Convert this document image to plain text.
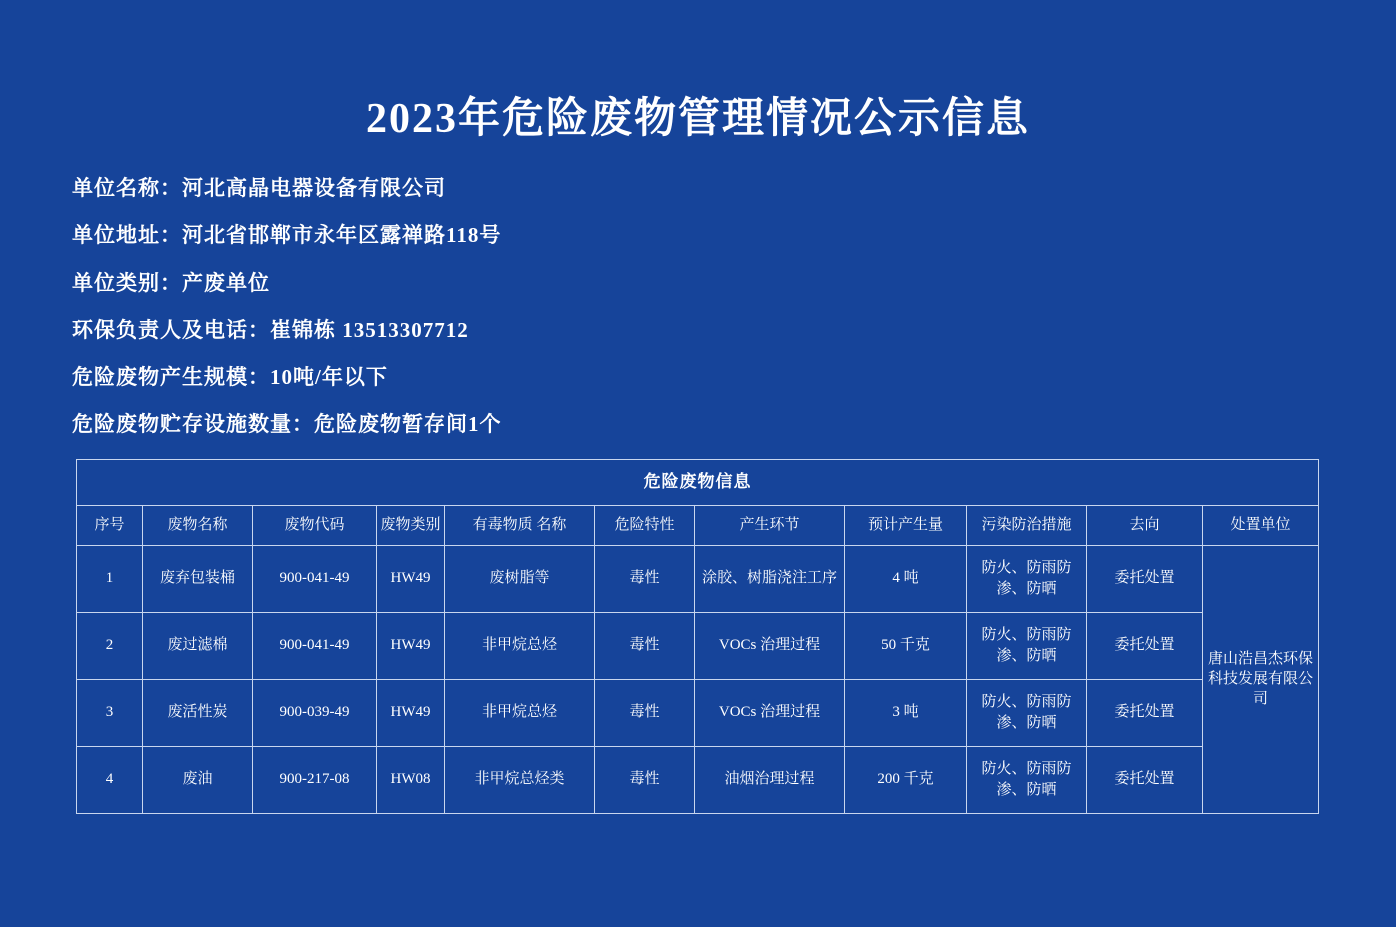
2023年危险废物管理情况公示信息
单位名称：河北高晶电器设备有限公司
单位地址：河北省邯郸市永年区露禅路118号
单位类别：产废单位
环保负责人及电话：崔锦栋 13513307712
危险废物产生规模：10吨/年以下
危险废物贮存设施数量：危险废物暂存间1个
危险废物信息										
序号	废物名称	废物代码	废物类别	有毒物质 名称	危险特性	产生环节	预计产生量	污染防治措施	去向	处置单位
1	废弃包装桶	900-041-49	HW49	废树脂等	毒性	涂胶、树脂浇注工序	4 吨	防火、防雨防渗、防晒	委托处置	唐山浩昌杰环保科技发展有限公司
2	废过滤棉	900-041-49	HW49	非甲烷总烃	毒性	VOCs 治理过程	50 千克	防火、防雨防渗、防晒	委托处置	
3	废活性炭	900-039-49	HW49	非甲烷总烃	毒性	VOCs 治理过程	3 吨	防火、防雨防渗、防晒	委托处置	
4	废油	900-217-08	HW08	非甲烷总烃类	毒性	油烟治理过程	200 千克	防火、防雨防渗、防晒	委托处置	
